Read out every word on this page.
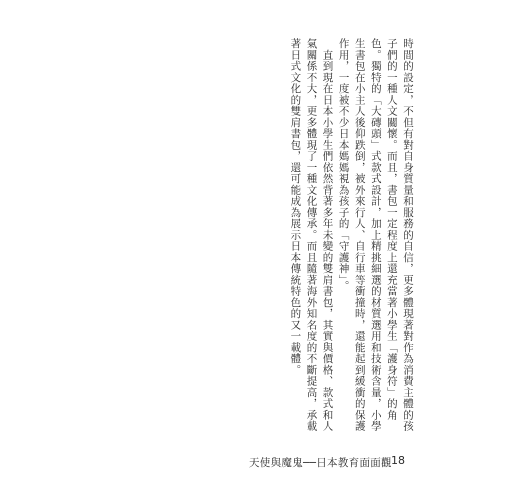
時間的設定，不但有對自身質量和服務的自信，更多體現著對作為消費主體的孩子們的一種人文關懷。而且，書包一定程度上還充當著小學生「護身符」的角色。獨特的「大磚頭」式款式設計，加上精挑細選的材質選用和技術含量，小學生書包在小主人後仰跌倒，被外來行人、自行車等衝撞時，還能起到緩衝的保護作用，一度被不少日本媽媽視為孩子的「守護神」。

　直到現在日本小學生們依然背著多年未變的雙肩書包，其實與價格、款式和人氣關係不大，更多體現了一種文化傳承。而且隨著海外知名度的不斷提高，承載著日式文化的雙肩書包，還可能成為展示日本傳統特色的又一載體。

天使與魔鬼──日本教育面面觀 18
